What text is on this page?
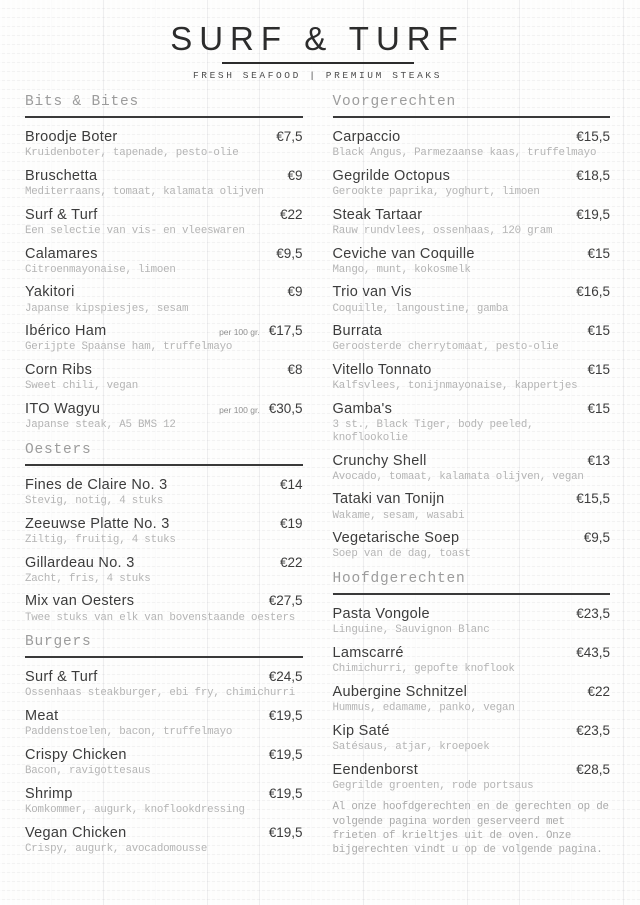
SURF & TURF
FRESH SEAFOOD | PREMIUM STEAKS
Bits & Bites
Broodje Boter	€7,5
Kruidenboter, tapenade, pesto-olie
Bruschetta	€9
Mediterraans, tomaat, kalamata olijven
Surf & Turf	€22
Een selectie van vis- en vleeswaren
Calamares	€9,5
Citroenmayonaise, limoen
Yakitori	€9
Japanse kipspiesjes, sesam
Ibérico Ham	per 100 gr. €17,5
Gerijpte Spaanse ham, truffelmayo
Corn Ribs	€8
Sweet chili, vegan
ITO Wagyu	per 100 gr. €30,5
Japanse steak, A5 BMS 12
Oesters
Fines de Claire No. 3	€14
Stevig, notig, 4 stuks
Zeeuwse Platte No. 3	€19
Ziltig, fruitig, 4 stuks
Gillardeau No. 3	€22
Zacht, fris, 4 stuks
Mix van Oesters	€27,5
Twee stuks van elk van bovenstaande oesters
Burgers
Surf & Turf	€24,5
Ossenhaas steakburger, ebi fry, chimichurri
Meat	€19,5
Paddenstoelen, bacon, truffelmayo
Crispy Chicken	€19,5
Bacon, ravigottesaus
Shrimp	€19,5
Komkommer, augurk, knoflookdressing
Vegan Chicken	€19,5
Crispy, augurk, avocadomousse
Voorgerechten
Carpaccio	€15,5
Black Angus, Parmezaanse kaas, truffelmayo
Gegrilde Octopus	€18,5
Gerookte paprika, yoghurt, limoen
Steak Tartaar	€19,5
Rauw rundvlees, ossenhaas, 120 gram
Ceviche van Coquille	€15
Mango, munt, kokosmelk
Trio van Vis	€16,5
Coquille, langoustine, gamba
Burrata	€15
Geroosterde cherrytomaat, pesto-olie
Vitello Tonnato	€15
Kalfsvlees, tonijnmayonaise, kappertjes
Gamba's	€15
3 st., Black Tiger, body peeled, knoflookolie
Crunchy Shell	€13
Avocado, tomaat, kalamata olijven, vegan
Tataki van Tonijn	€15,5
Wakame, sesam, wasabi
Vegetarische Soep	€9,5
Soep van de dag, toast
Hoofdgerechten
Pasta Vongole	€23,5
Linguine, Sauvignon Blanc
Lamscarré	€43,5
Chimichurri, gepofte knoflook
Aubergine Schnitzel	€22
Hummus, edamame, panko, vegan
Kip Saté	€23,5
Satésaus, atjar, kroepoek
Eendenborst	€28,5
Gegrilde groenten, rode portsaus
Al onze hoofdgerechten en de gerechten op de volgende pagina worden geserveerd met frieten of krieltjes uit de oven. Onze bijgerechten vindt u op de volgende pagina.
